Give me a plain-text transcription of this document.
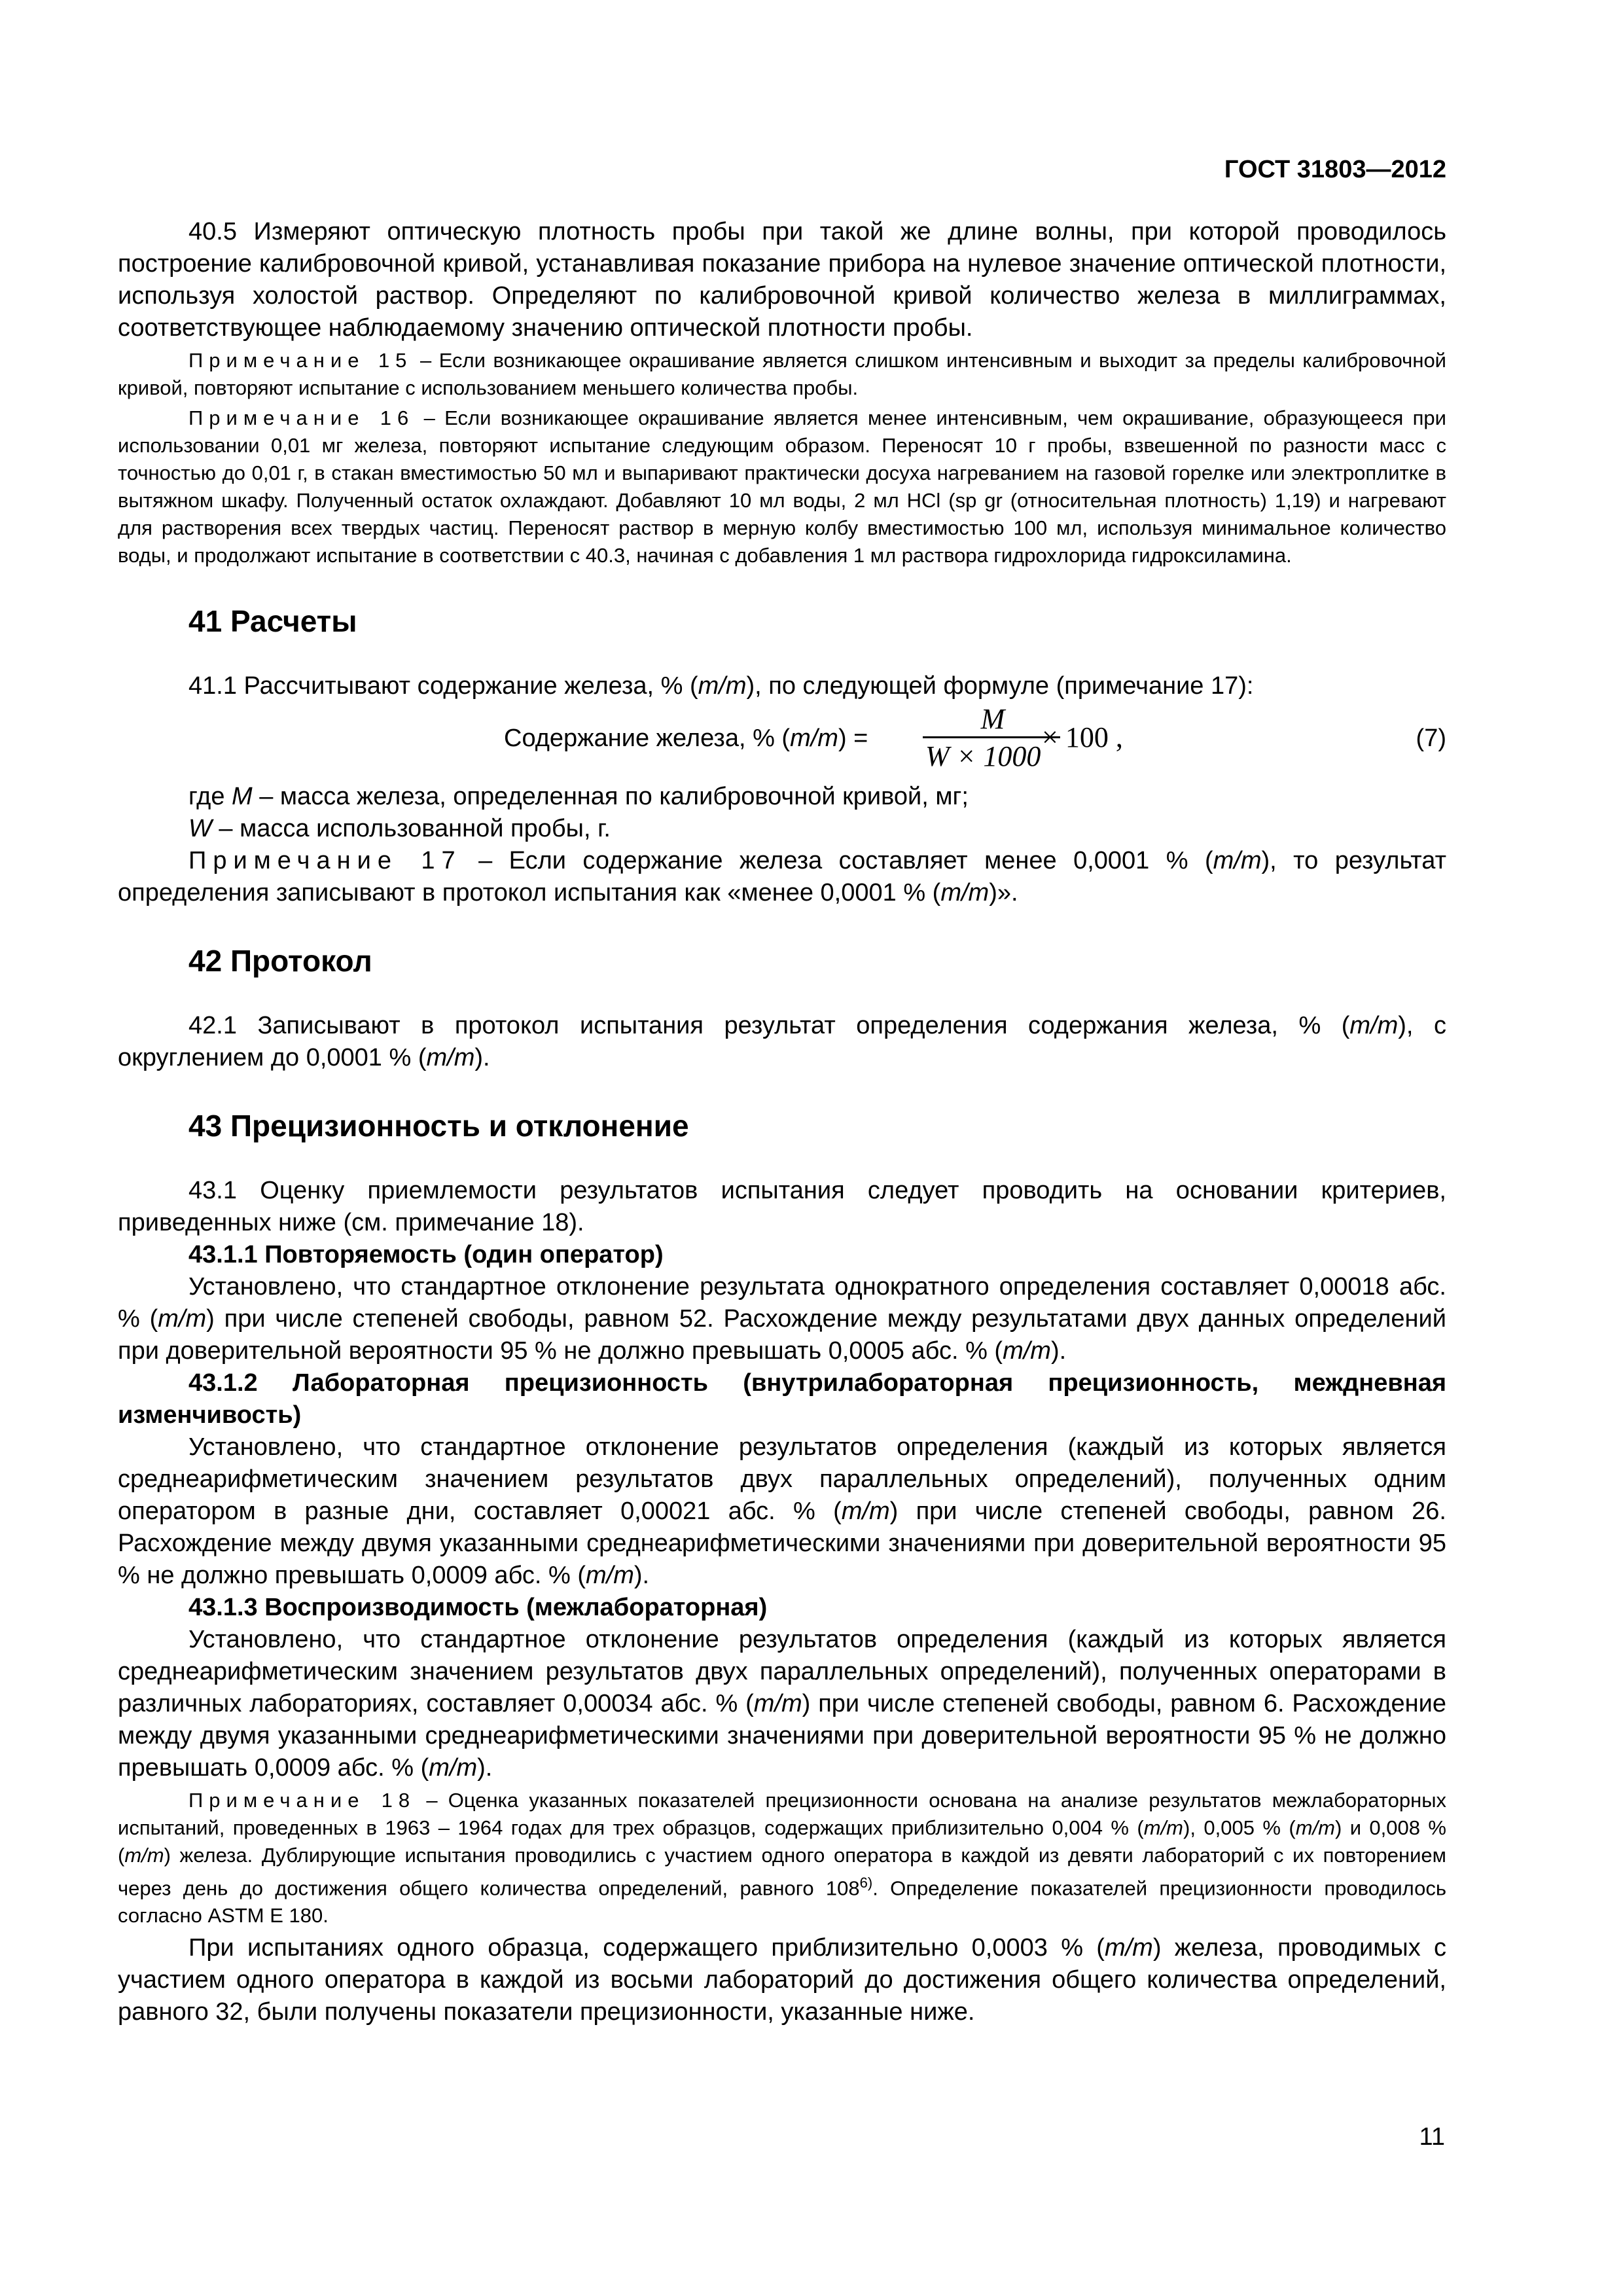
ГОСТ 31803—2012

40.5 Измеряют оптическую плотность пробы при такой же длине волны, при которой проводилось построение калибровочной кривой, устанавливая показание прибора на нулевое значение оптической плотности, используя холостой раствор. Определяют по калибровочной кривой количество железа в миллиграммах, соответствующее наблюдаемому значению оптической плотности пробы.

Примечание 15 – Если возникающее окрашивание является слишком интенсивным и выходит за пределы калибровочной кривой, повторяют испытание с использованием меньшего количества пробы.

Примечание 16 – Если возникающее окрашивание является менее интенсивным, чем окрашивание, образующееся при использовании 0,01 мг железа, повторяют испытание следующим образом. Переносят 10 г пробы, взвешенной по разности масс с точностью до 0,01 г, в стакан вместимостью 50 мл и выпаривают практически досуха нагреванием на газовой горелке или электроплитке в вытяжном шкафу. Полученный остаток охлаждают. Добавляют 10 мл воды, 2 мл HCl (sp gr (относительная плотность) 1,19) и нагревают для растворения всех твердых частиц. Переносят раствор в мерную колбу вместимостью 100 мл, используя минимальное количество воды, и продолжают испытание в соответствии с 40.3, начиная с добавления 1 мл раствора гидрохлорида гидроксиламина.

41 Расчеты

41.1 Рассчитывают содержание железа, % (m/m), по следующей формуле (примечание 17):

Содержание железа, % (m/m) =
M
W × 1000
× 100 ,	(7)

где M – масса железа, определенная по калибровочной кривой, мг;

W – масса использованной пробы, г.

Примечание 17 – Если содержание железа составляет менее 0,0001 % (m/m), то результат определения записывают в протокол испытания как «менее 0,0001 % (m/m)».

42 Протокол

42.1 Записывают в протокол испытания результат определения содержания железа, % (m/m), с округлением до 0,0001 % (m/m).

43 Прецизионность и отклонение

43.1 Оценку приемлемости результатов испытания следует проводить на основании критериев, приведенных ниже (см. примечание 18).

43.1.1 Повторяемость (один оператор)

Установлено, что стандартное отклонение результата однократного определения составляет 0,00018 абс. % (m/m) при числе степеней свободы, равном 52. Расхождение между результатами двух данных определений при доверительной вероятности 95 % не должно превышать 0,0005 абс. % (m/m).

43.1.2 Лабораторная прецизионность (внутрилабораторная прецизионность, междневная изменчивость)

Установлено, что стандартное отклонение результатов определения (каждый из которых является среднеарифметическим значением результатов двух параллельных определений), полученных одним оператором в разные дни, составляет 0,00021 абс. % (m/m) при числе степеней свободы, равном 26. Расхождение между двумя указанными среднеарифметическими значениями при доверительной вероятности 95 % не должно превышать 0,0009 абс. % (m/m).

43.1.3 Воспроизводимость (межлабораторная)

Установлено, что стандартное отклонение результатов определения (каждый из которых является среднеарифметическим значением результатов двух параллельных определений), полученных операторами в различных лабораториях, составляет 0,00034 абс. % (m/m) при числе степеней свободы, равном 6. Расхождение между двумя указанными среднеарифметическими значениями при доверительной вероятности 95 % не должно превышать 0,0009 абс. % (m/m).

Примечание 18 – Оценка указанных показателей прецизионности основана на анализе результатов межлабораторных испытаний, проведенных в 1963 – 1964 годах для трех образцов, содержащих приблизительно 0,004 % (m/m), 0,005 % (m/m) и 0,008 % (m/m) железа. Дублирующие испытания проводились с участием одного оператора в каждой из девяти лабораторий с их повторением через день до достижения общего количества определений, равного 108$^{6)}$. Определение показателей прецизионности проводилось согласно ASTM E 180.

При испытаниях одного образца, содержащего приблизительно 0,0003 % (m/m) железа, проводимых с участием одного оператора в каждой из восьми лабораторий до достижения общего количества определений, равного 32, были получены показатели прецизионности, указанные ниже.

11
